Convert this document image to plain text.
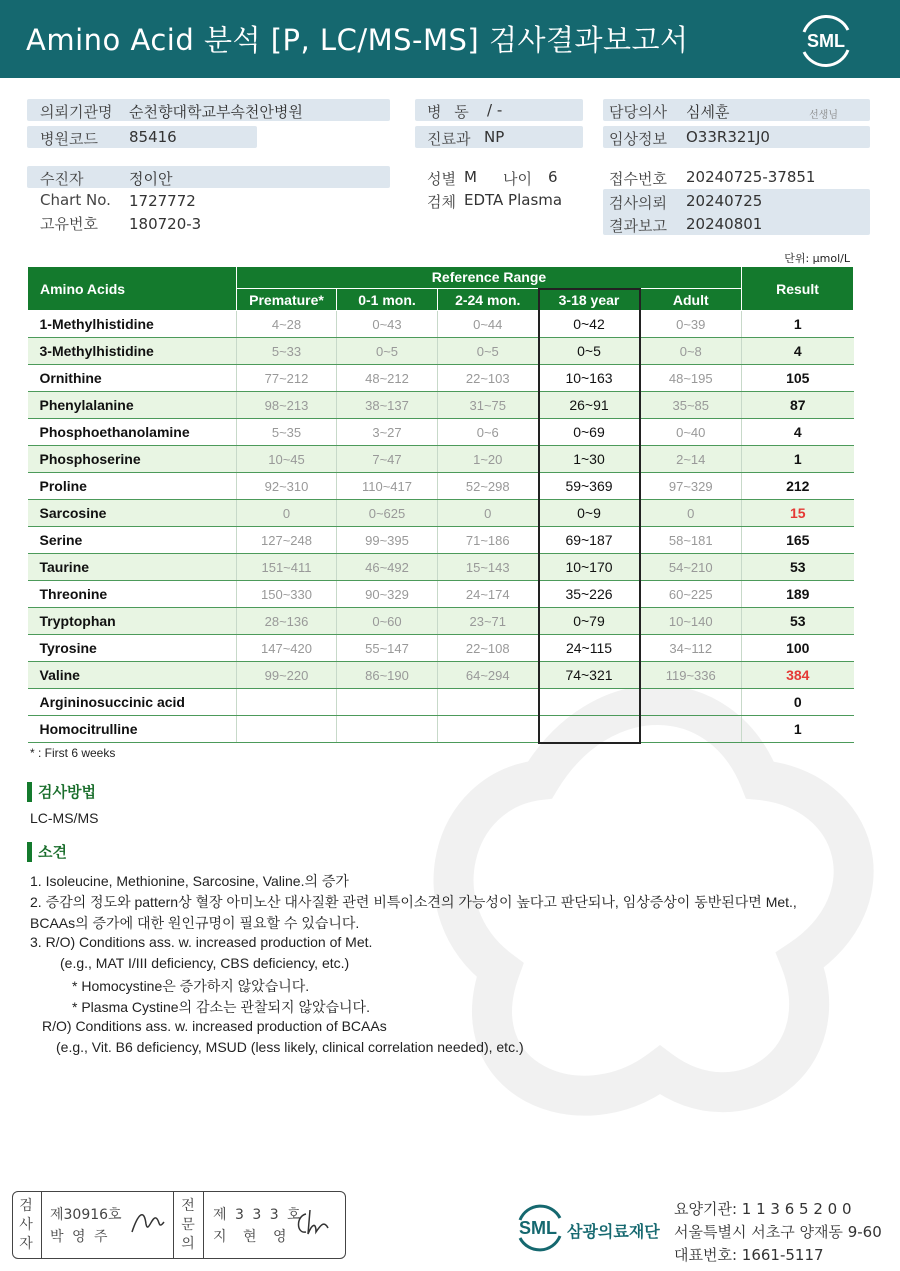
Amino Acid 분석 [P, LC/MS-MS] 검사결과보고서	SML
의뢰기관명 순천향대학교부속천안병원
병원코드 85416
병 동 / -
진료과 NP
담당의사 심세훈	선생님
임상정보 O33R321J0
수진자	정이안
Chart No. 1727772
고유번호 180720-3
성별 M 나이 6
검체 EDTA Plasma
접수번호 20240725-37851
검사의뢰 20240725
결과보고 20240801
단위: μmol/L
Amino Acids	Reference Range					Result
	Premature*	0-1 mon.	2-24 mon.	3-18 year	Adult	
1-Methylhistidine	4~28	0~43	0~44	0~42	0~39	1
3-Methylhistidine	5~33	0~5	0~5	0~5	0~8	4
Ornithine	77~212	48~212	22~103	10~163	48~195	105
Phenylalanine	98~213	38~137	31~75	26~91	35~85	87
Phosphoethanolamine	5~35	3~27	0~6	0~69	0~40	4
Phosphoserine	10~45	7~47	1~20	1~30	2~14	1
Proline	92~310	110~417	52~298	59~369	97~329	212
Sarcosine	0	0~625	0	0~9	0	15
Serine	127~248	99~395	71~186	69~187	58~181	165
Taurine	151~411	46~492	15~143	10~170	54~210	53
Threonine	150~330	90~329	24~174	35~226	60~225	189
Tryptophan	28~136	0~60	23~71	0~79	10~140	53
Tyrosine	147~420	55~147	22~108	24~115	34~112	100
Valine	99~220	86~190	64~294	74~321	119~336	384
Argininosuccinic acid						0
Homocitrulline						1
* : First 6 weeks
검사방법
LC-MS/MS
소견
1. Isoleucine, Methionine, Sarcosine, Valine.의 증가
2. 증감의 정도와 pattern상 혈장 아미노산 대사질환 관련 비특이소견의 가능성이 높다고 판단되나, 임상증상이 동반된다면 Met.,
BCAAs의 증가에 대한 원인규명이 필요할 수 있습니다.
3. R/O) Conditions ass. w. increased production of Met.
(e.g., MAT I/III deficiency, CBS deficiency, etc.)
* Homocystine은 증가하지 않았습니다.
* Plasma Cystine의 감소는 관찰되지 않았습니다.
R/O) Conditions ass. w. increased production of BCAAs
(e.g., Vit. B6 deficiency, MSUD (less likely, clinical correlation needed), etc.)
검
사
자
제30916호
박 영 주
전
문
의
제 3 3 3 호
지 현 영	SML 삼광의료재단
요양기관: 1 1 3 6 5 2 0 0
서울특별시 서초구 양재동 9-60
대표번호: 1661-5117
